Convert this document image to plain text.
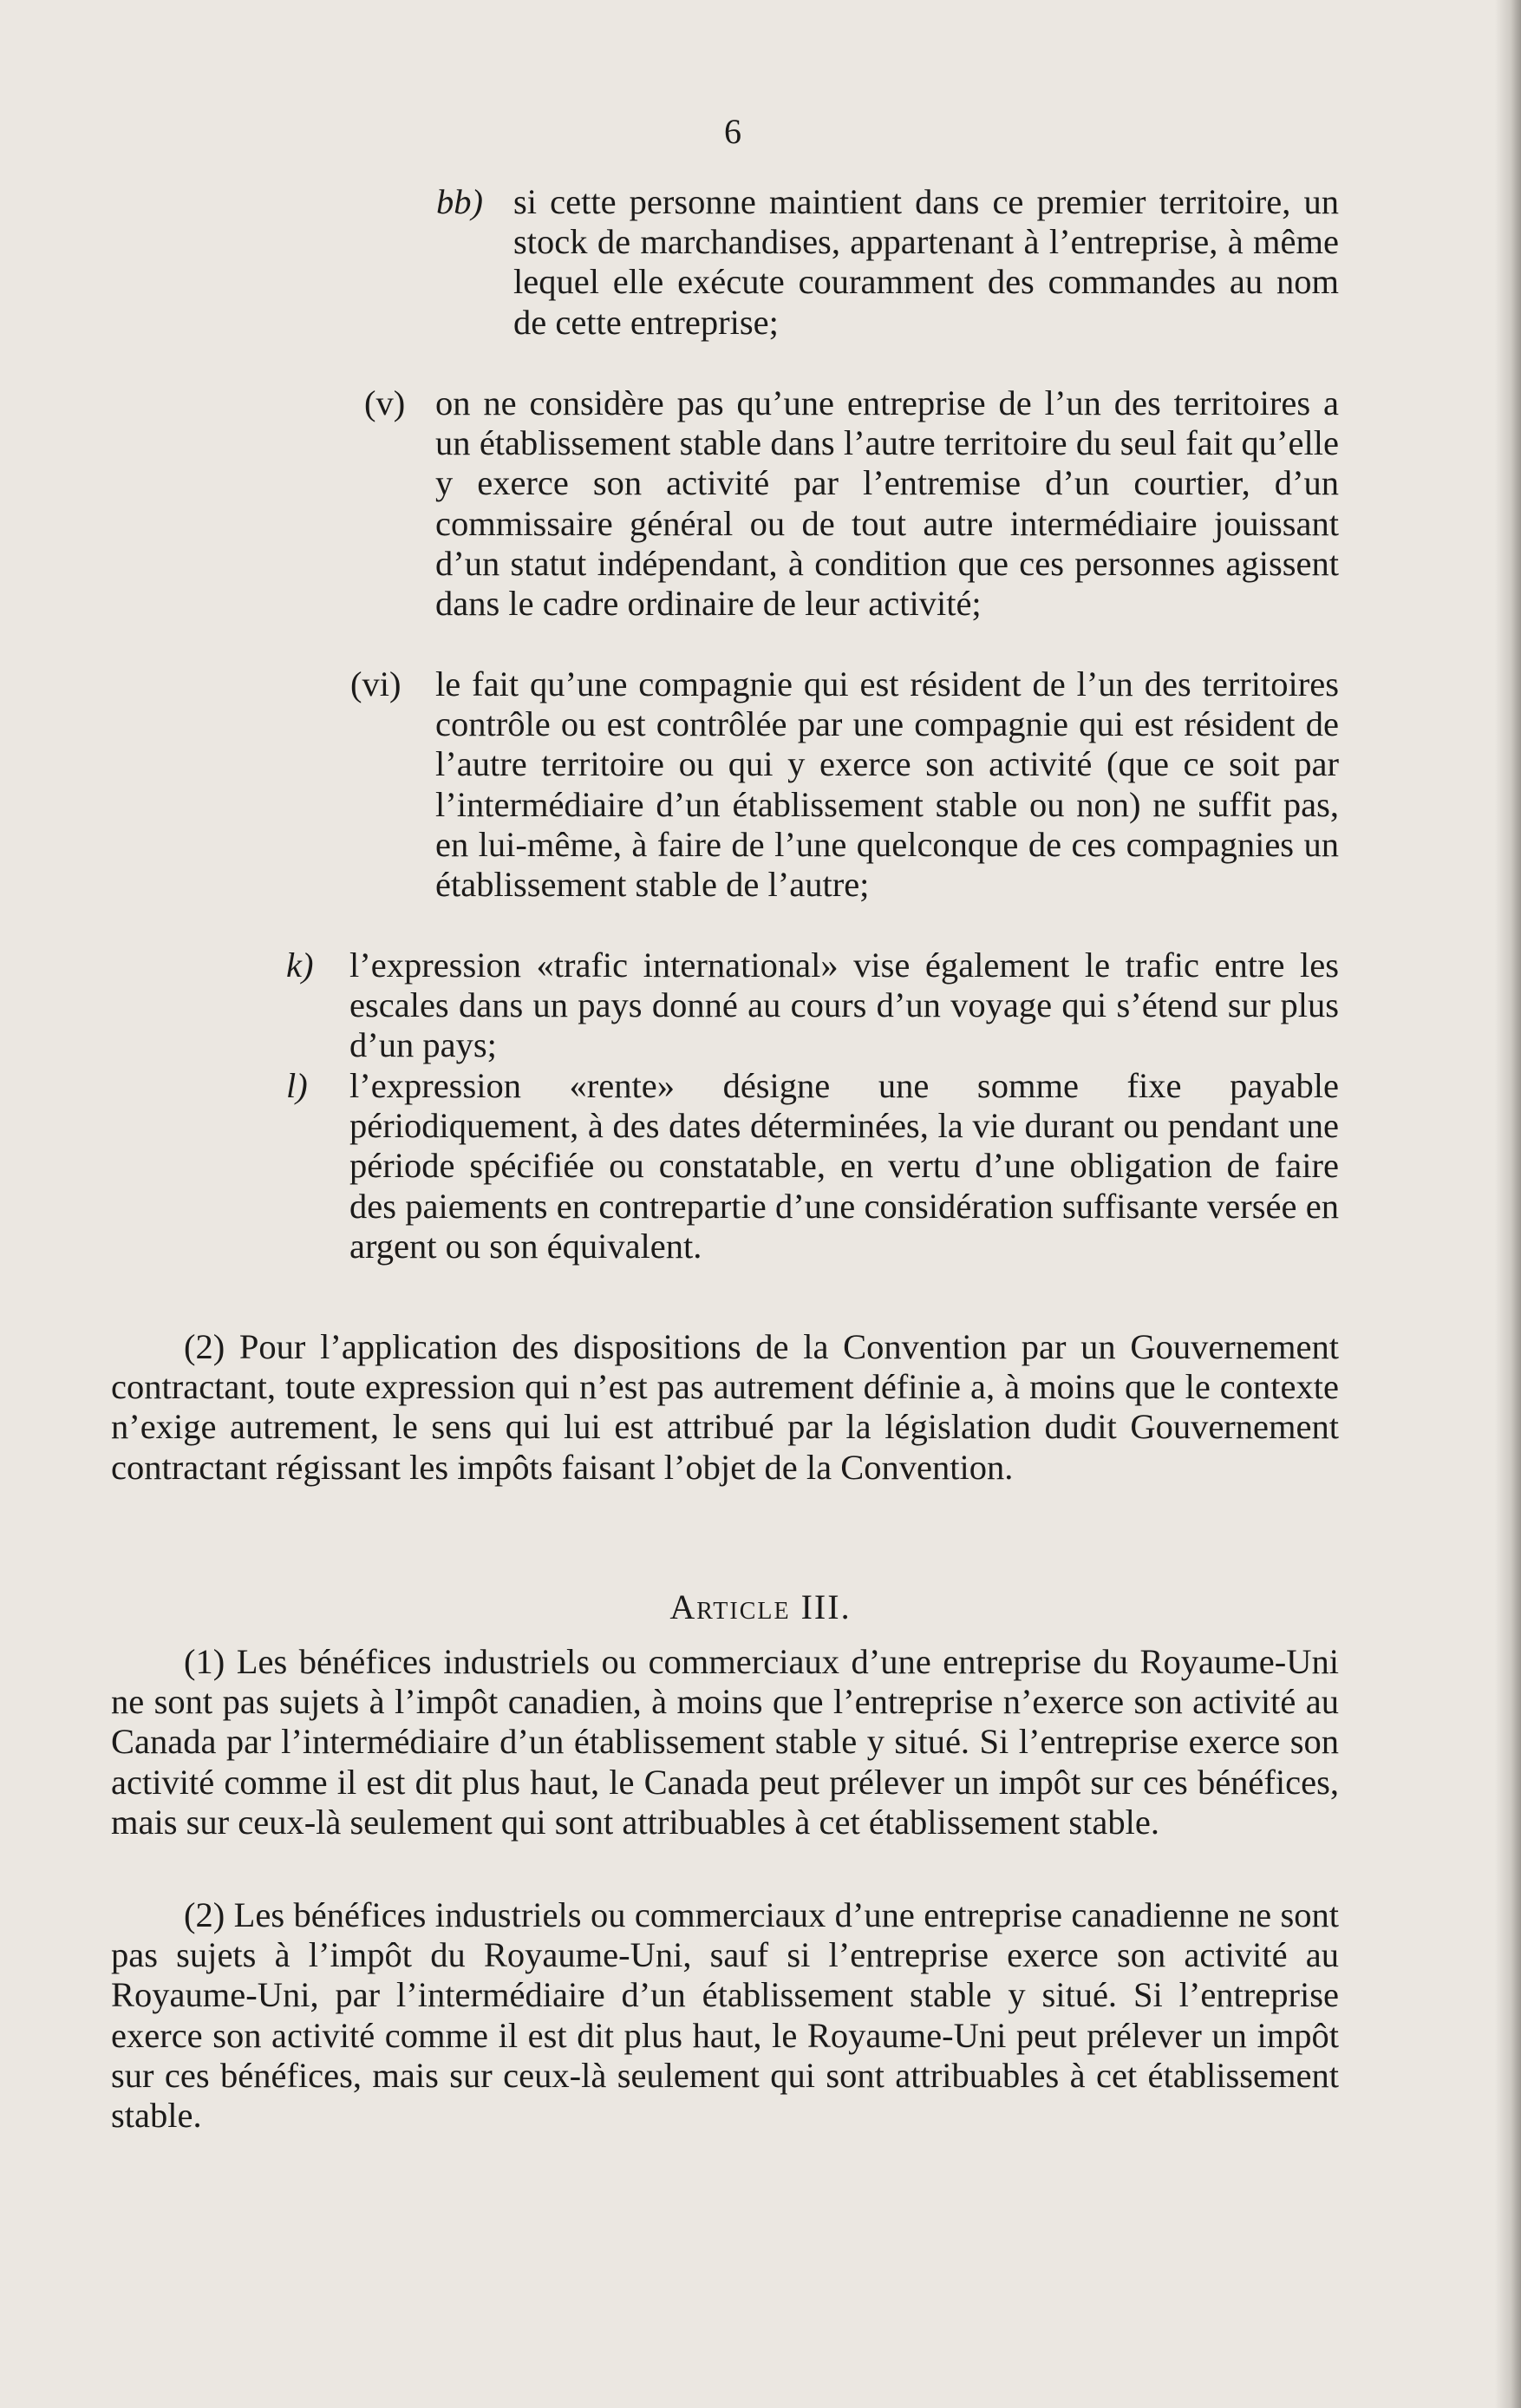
6
bb) si cette personne maintient dans ce premier territoire, un stock de marchandises, appartenant à l’entreprise, à même lequel elle exécute couramment des commandes au nom de cette entreprise;
(v) on ne considère pas qu’une entreprise de l’un des territoires a un établissement stable dans l’autre territoire du seul fait qu’elle y exerce son activité par l’entremise d’un courtier, d’un commissaire général ou de tout autre intermédiaire jouissant d’un statut indépendant, à condition que ces personnes agissent dans le cadre ordinaire de leur activité;
(vi) le fait qu’une compagnie qui est résident de l’un des territoires contrôle ou est contrôlée par une compagnie qui est résident de l’autre territoire ou qui y exerce son activité (que ce soit par l’intermédiaire d’un établissement stable ou non) ne suffit pas, en lui-même, à faire de l’une quelconque de ces compagnies un établissement stable de l’autre;
k) l’expression «trafic international» vise également le trafic entre les escales dans un pays donné au cours d’un voyage qui s’étend sur plus d’un pays;
l) l’expression «rente» désigne une somme fixe payable périodiquement, à des dates déterminées, la vie durant ou pendant une période spécifiée ou constatable, en vertu d’une obligation de faire des paiements en contrepartie d’une considération suffisante versée en argent ou son équivalent.
(2) Pour l’application des dispositions de la Convention par un Gouvernement contractant, toute expression qui n’est pas autrement définie a, à moins que le contexte n’exige autrement, le sens qui lui est attribué par la législation dudit Gouvernement contractant régissant les impôts faisant l’objet de la Convention.
Article III.
(1) Les bénéfices industriels ou commerciaux d’une entreprise du Royaume-Uni ne sont pas sujets à l’impôt canadien, à moins que l’entreprise n’exerce son activité au Canada par l’intermédiaire d’un établissement stable y situé. Si l’entreprise exerce son activité comme il est dit plus haut, le Canada peut prélever un impôt sur ces bénéfices, mais sur ceux-là seulement qui sont attribuables à cet établissement stable.
(2) Les bénéfices industriels ou commerciaux d’une entreprise canadienne ne sont pas sujets à l’impôt du Royaume-Uni, sauf si l’entreprise exerce son activité au Royaume-Uni, par l’intermédiaire d’un établissement stable y situé. Si l’entreprise exerce son activité comme il est dit plus haut, le Royaume-Uni peut prélever un impôt sur ces bénéfices, mais sur ceux-là seulement qui sont attribuables à cet établissement stable.
